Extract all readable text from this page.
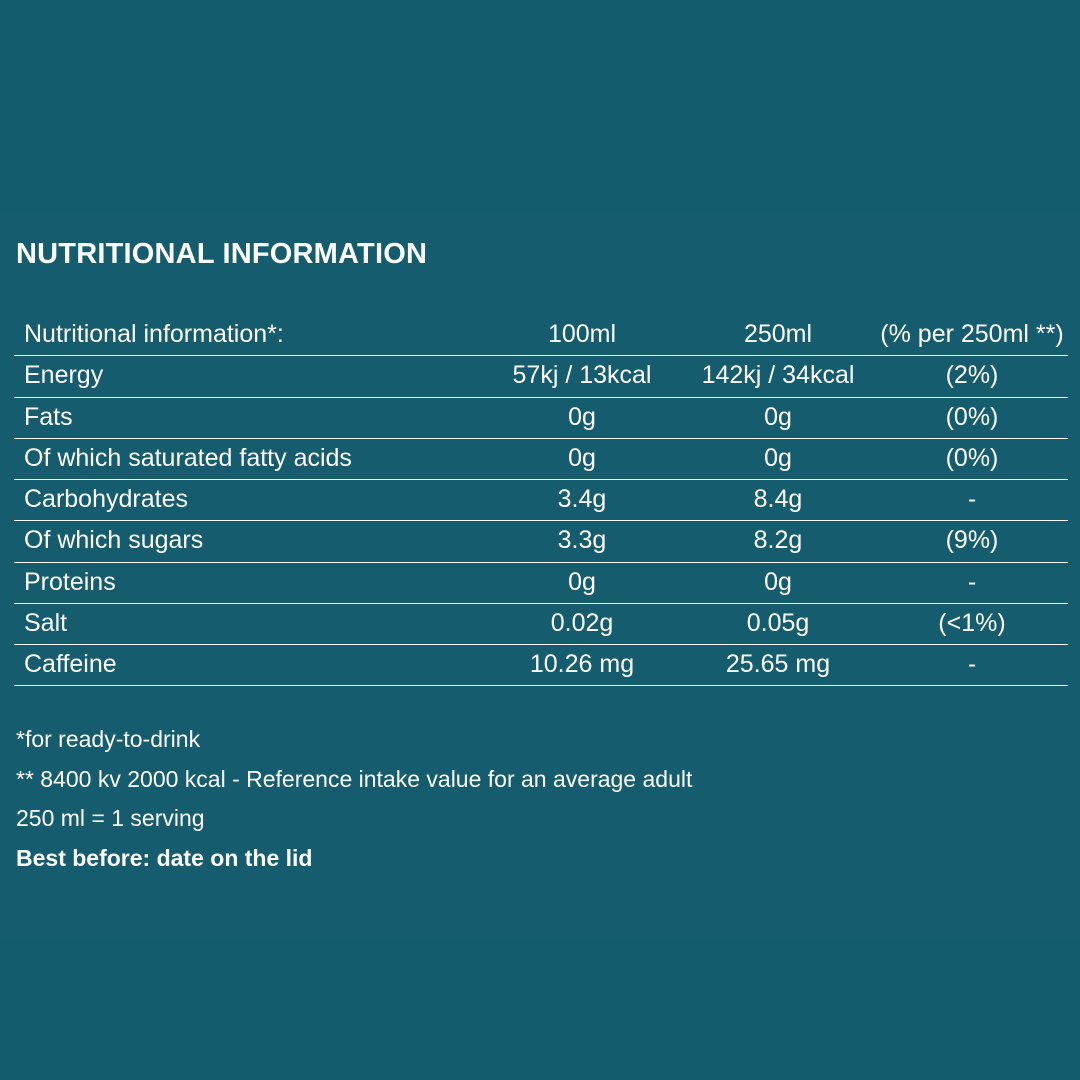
NUTRITIONAL INFORMATION
Nutritional information*:	100ml	250ml	(% per 250ml **)
Energy	57kj / 13kcal	142kj / 34kcal	(2%)
Fats	0g	0g	(0%)
Of which saturated fatty acids	0g	0g	(0%)
Carbohydrates	3.4g	8.4g	-
Of which sugars	3.3g	8.2g	(9%)
Proteins	0g	0g	-
Salt	0.02g	0.05g	(<1%)
Caffeine	10.26 mg	25.65 mg	-
*for ready-to-drink
** 8400 kv 2000 kcal - Reference intake value for an average adult
250 ml = 1 serving
Best before: date on the lid
